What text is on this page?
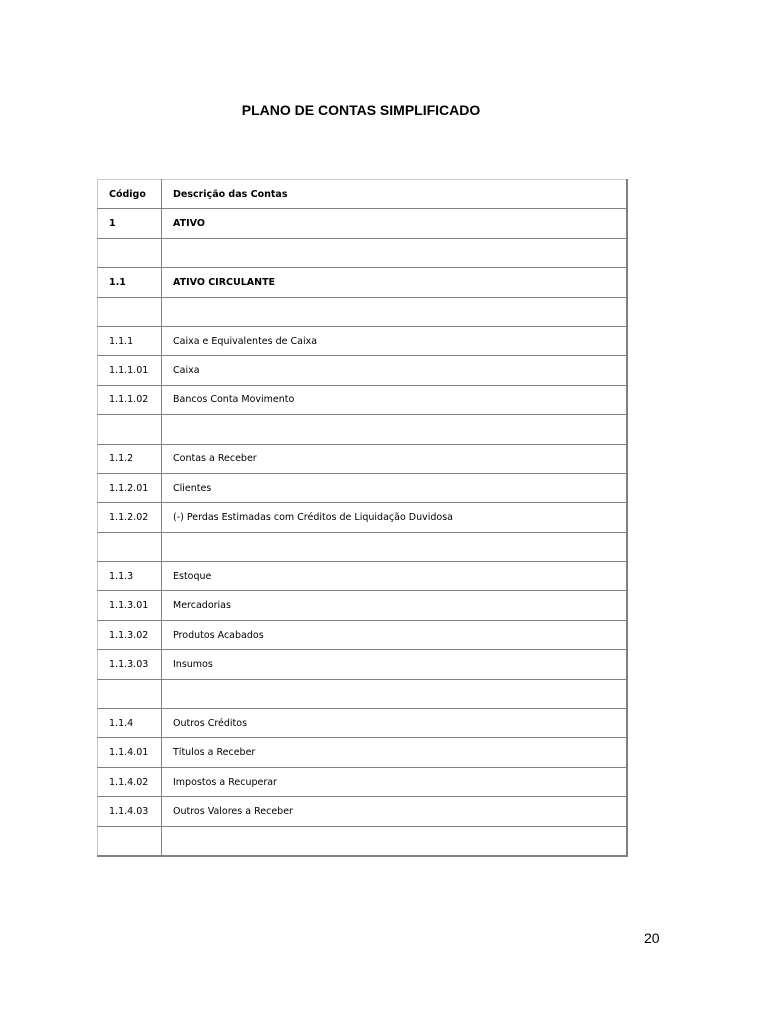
PLANO DE CONTAS SIMPLIFICADO
Código	Descrição das Contas
1	ATIVO

1.1	ATIVO CIRCULANTE

1.1.1	Caixa e Equivalentes de Caixa
1.1.1.01	Caixa
1.1.1.02	Bancos Conta Movimento

1.1.2	Contas a Receber
1.1.2.01	Clientes
1.1.2.02	(-) Perdas Estimadas com Créditos de Liquidação Duvidosa

1.1.3	Estoque
1.1.3.01	Mercadorias
1.1.3.02	Produtos Acabados
1.1.3.03	Insumos

1.1.4	Outros Créditos
1.1.4.01	Títulos a Receber
1.1.4.02	Impostos a Recuperar
1.1.4.03	Outros Valores a Receber

20
